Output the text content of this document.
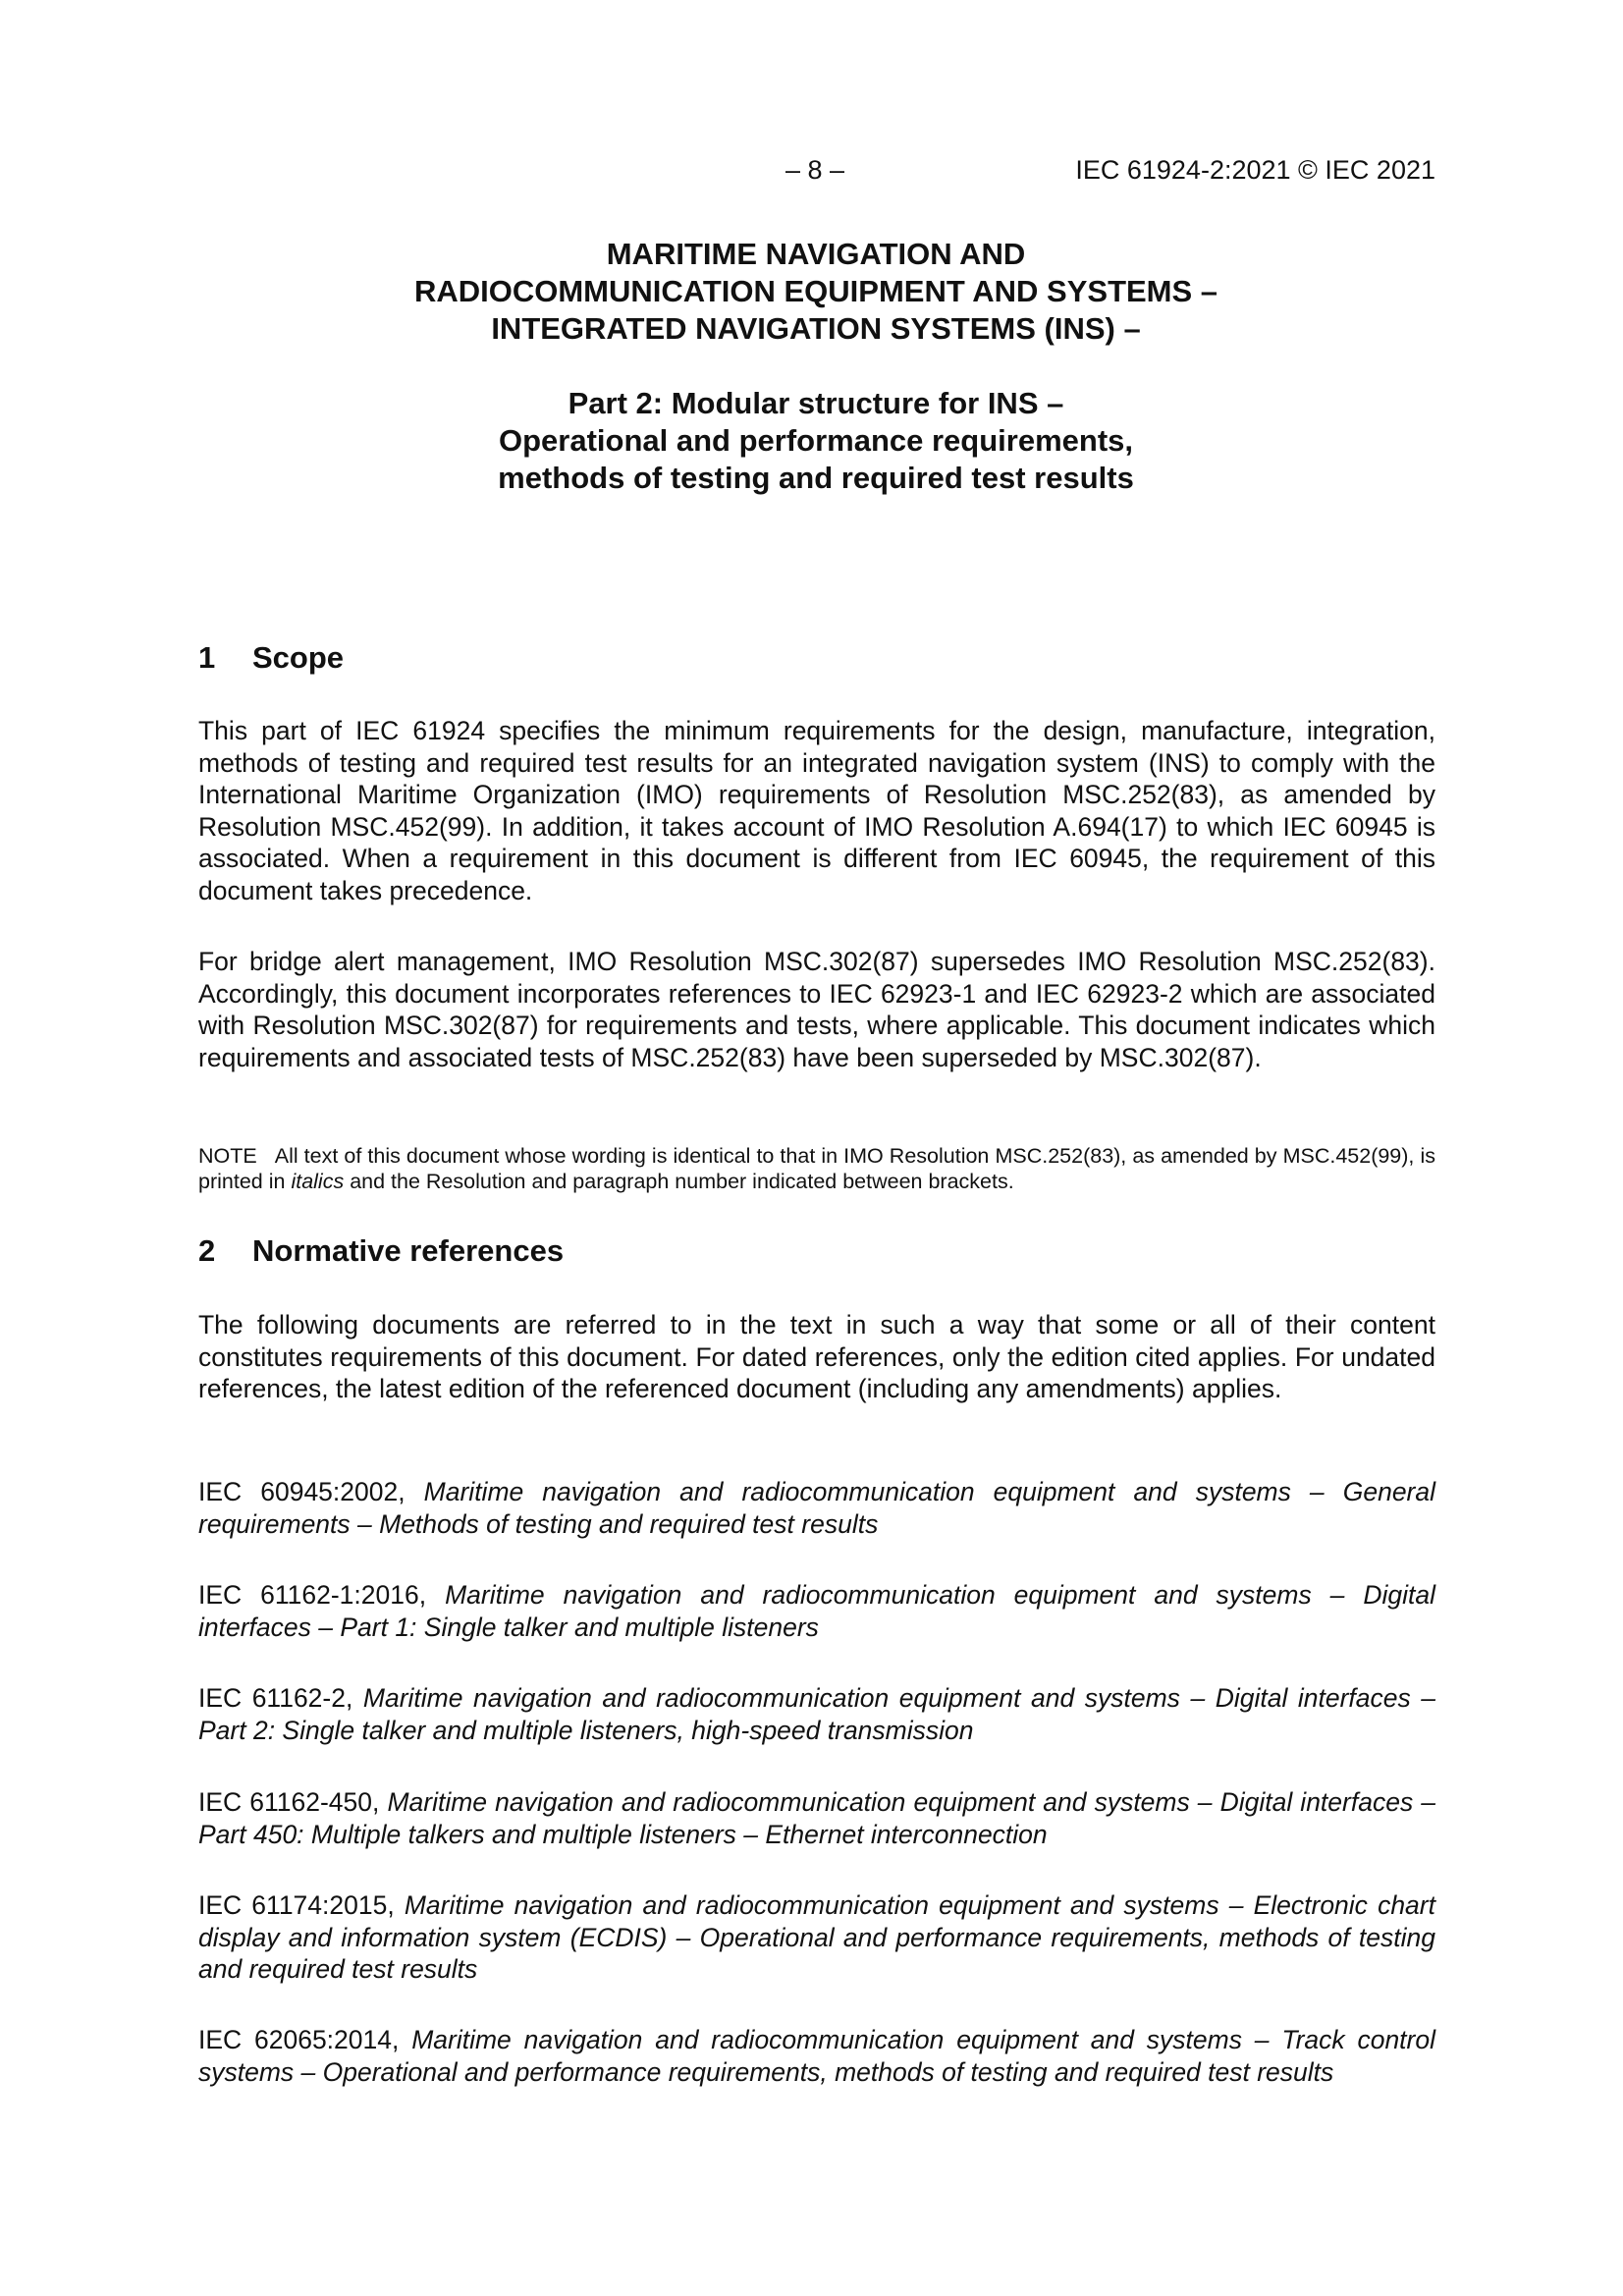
– 8 –	IEC 61924-2:2021 © IEC 2021
MARITIME NAVIGATION AND
RADIOCOMMUNICATION EQUIPMENT AND SYSTEMS –
INTEGRATED NAVIGATION SYSTEMS (INS) –
Part 2: Modular structure for INS –
Operational and performance requirements,
methods of testing and required test results
1 Scope

This part of IEC 61924 specifies the minimum requirements for the design, manufacture, integration, methods of testing and required test results for an integrated navigation system (INS) to comply with the International Maritime Organization (IMO) requirements of Resolution MSC.252(83), as amended by Resolution MSC.452(99). In addition, it takes account of IMO Resolution A.694(17) to which IEC 60945 is associated. When a requirement in this document is different from IEC 60945, the requirement of this document takes precedence.

For bridge alert management, IMO Resolution MSC.302(87) supersedes IMO Resolution MSC.252(83). Accordingly, this document incorporates references to IEC 62923-1 and IEC 62923-2 which are associated with Resolution MSC.302(87) for requirements and tests, where applicable. This document indicates which requirements and associated tests of MSC.252(83) have been superseded by MSC.302(87).

NOTE All text of this document whose wording is identical to that in IMO Resolution MSC.252(83), as amended by MSC.452(99), is printed in italics and the Resolution and paragraph number indicated between brackets.
2 Normative references

The following documents are referred to in the text in such a way that some or all of their content constitutes requirements of this document. For dated references, only the edition cited applies. For undated references, the latest edition of the referenced document (including any amendments) applies.

IEC 60945:2002, Maritime navigation and radiocommunication equipment and systems – General requirements – Methods of testing and required test results

IEC 61162-1:2016, Maritime navigation and radiocommunication equipment and systems – Digital interfaces – Part 1: Single talker and multiple listeners

IEC 61162-2, Maritime navigation and radiocommunication equipment and systems – Digital interfaces – Part 2: Single talker and multiple listeners, high-speed transmission

IEC 61162-450, Maritime navigation and radiocommunication equipment and systems – Digital interfaces – Part 450: Multiple talkers and multiple listeners – Ethernet interconnection

IEC 61174:2015, Maritime navigation and radiocommunication equipment and systems – Electronic chart display and information system (ECDIS) – Operational and performance requirements, methods of testing and required test results

IEC 62065:2014, Maritime navigation and radiocommunication equipment and systems – Track control systems – Operational and performance requirements, methods of testing and required test results
